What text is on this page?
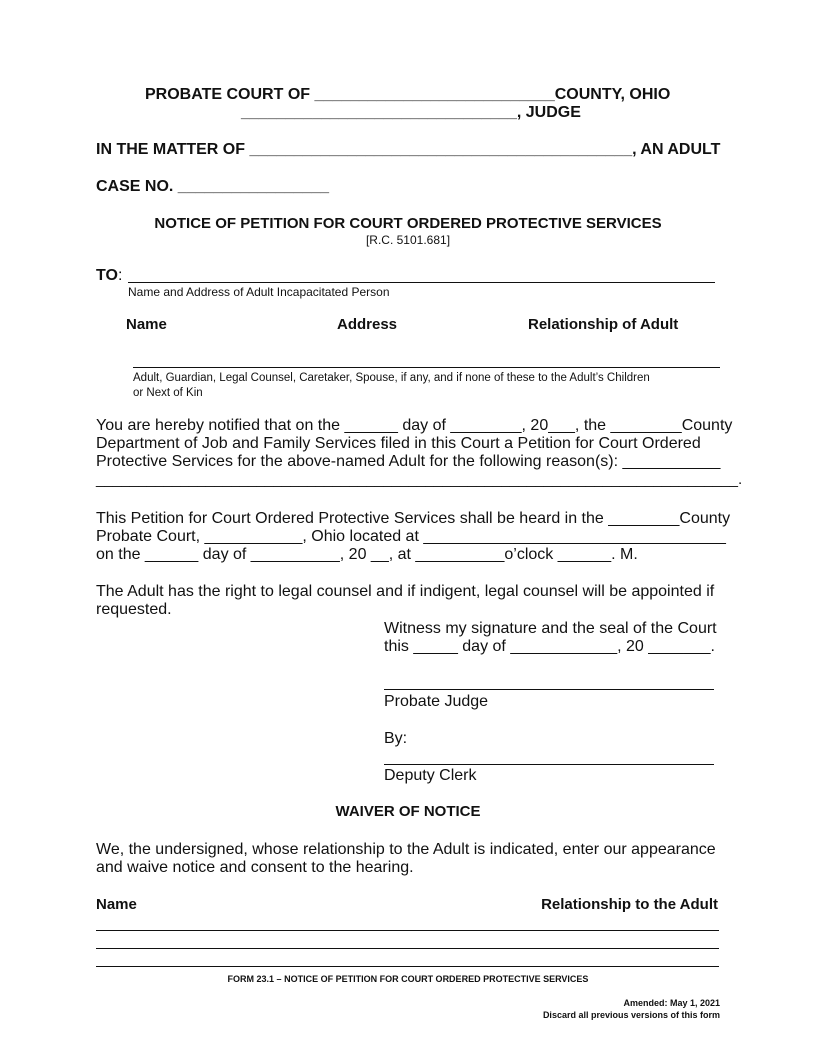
PROBATE COURT OF ___________________________COUNTY, OHIO
_______________________________, JUDGE
IN THE MATTER OF ___________________________________________, AN ADULT
CASE NO. _________________
NOTICE OF PETITION FOR COURT ORDERED PROTECTIVE SERVICES
[R.C. 5101.681]
TO:
Name and Address of Adult Incapacitated Person
Name	Address	Relationship of Adult
Adult, Guardian, Legal Counsel, Caretaker, Spouse, if any, and if none of these to the Adult’s Children
or Next of Kin
You are hereby notified that on the ______ day of ________, 20___, the ________County
Department of Job and Family Services filed in this Court a Petition for Court Ordered
Protective Services for the above-named Adult for the following reason(s): ___________
____________________________________________________________________________.
This Petition for Court Ordered Protective Services shall be heard in the ________County
Probate Court, ___________, Ohio located at __________________________________
on the ______ day of __________, 20 __, at __________o’clock ______. M.
The Adult has the right to legal counsel and if indigent, legal counsel will be appointed if
requested.
Witness my signature and the seal of the Court
this _____ day of ____________, 20 _______.
Probate Judge
By:
Deputy Clerk
WAIVER OF NOTICE
We, the undersigned, whose relationship to the Adult is indicated, enter our appearance
and waive notice and consent to the hearing.
Name	Relationship to the Adult
FORM 23.1 – NOTICE OF PETITION FOR COURT ORDERED PROTECTIVE SERVICES
Amended: May 1, 2021
Discard all previous versions of this form
